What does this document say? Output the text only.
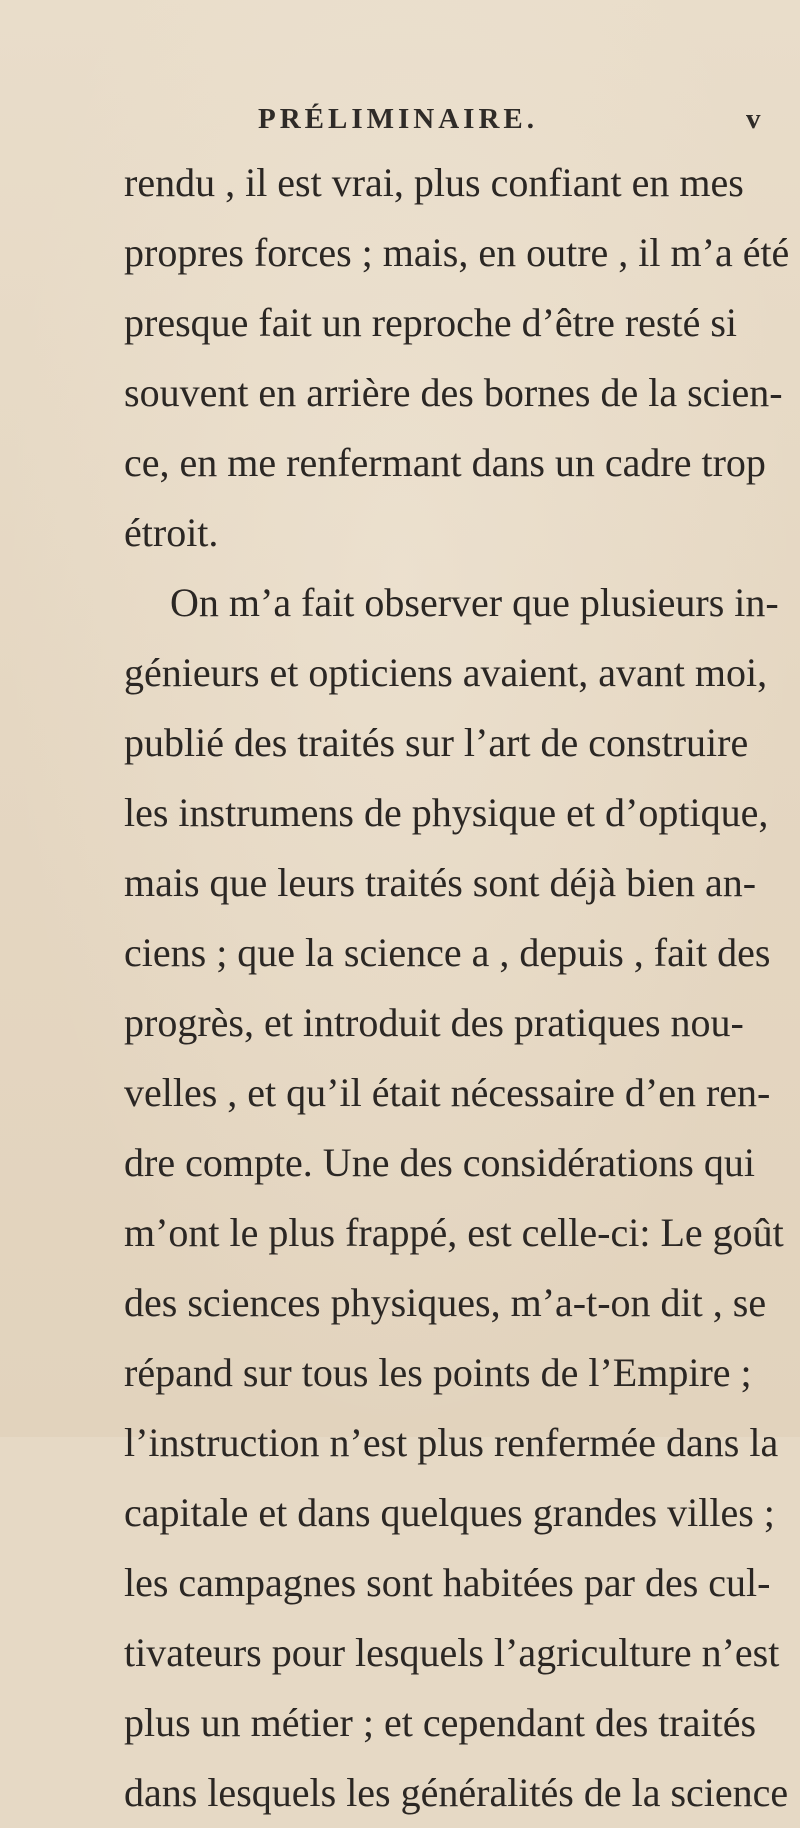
PRÉLIMINAIRE.	v
rendu , il est vrai, plus confiant en mes
propres forces ; mais, en outre , il m’a été
presque fait un reproche d’être resté si
souvent en arrière des bornes de la scien-
ce, en me renfermant dans un cadre trop
étroit.
On m’a fait observer que plusieurs in-
génieurs et opticiens avaient, avant moi,
publié des traités sur l’art de construire
les instrumens de physique et d’optique,
mais que leurs traités sont déjà bien an-
ciens ; que la science a , depuis , fait des
progrès, et introduit des pratiques nou-
velles , et qu’il était nécessaire d’en ren-
dre compte. Une des considérations qui
m’ont le plus frappé, est celle-ci: Le goût
des sciences physiques, m’a-t-on dit , se
répand sur tous les points de l’Empire ;
l’instruction n’est plus renfermée dans la
capitale et dans quelques grandes villes ;
les campagnes sont habitées par des cul-
tivateurs pour lesquels l’agriculture n’est
plus un métier ; et cependant des traités
dans lesquels les généralités de la science
